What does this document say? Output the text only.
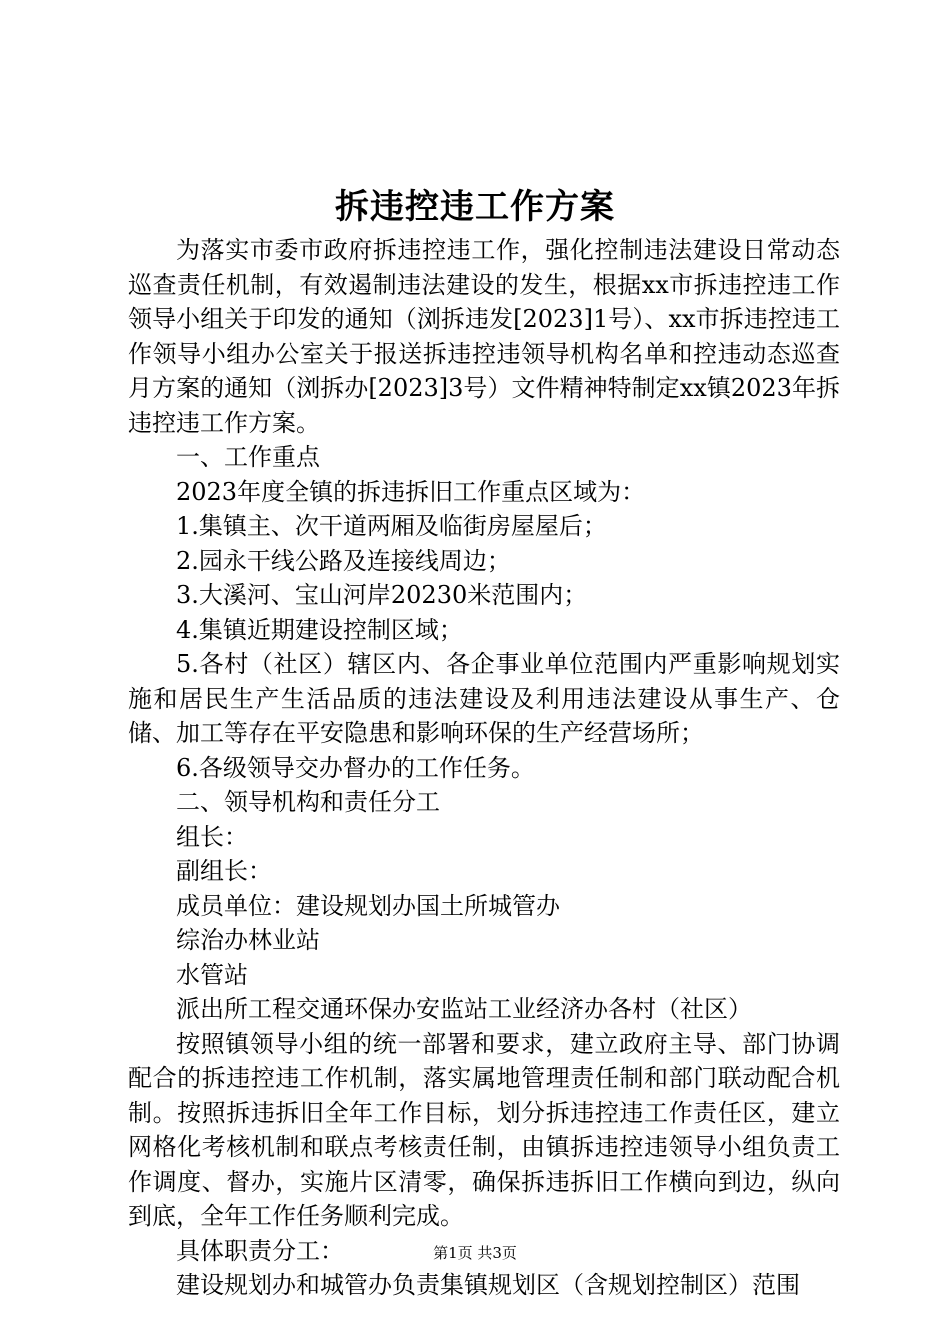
拆违控违工作方案

为落实市委市政府拆违控违工作，强化控制违法建设日常动态巡查责任机制，有效遏制违法建设的发生，根据xx市拆违控违工作领导小组关于印发的通知（浏拆违发[2023]1号）、xx市拆违控违工作领导小组办公室关于报送拆违控违领导机构名单和控违动态巡查月方案的通知（浏拆办[2023]3号）文件精神特制定xx镇2023年拆违控违工作方案。

一、工作重点

2023年度全镇的拆违拆旧工作重点区域为：

1.集镇主、次干道两厢及临街房屋屋后；

2.园永干线公路及连接线周边；

3.大溪河、宝山河岸20230米范围内；

4.集镇近期建设控制区域；

5.各村（社区）辖区内、各企事业单位范围内严重影响规划实施和居民生产生活品质的违法建设及利用违法建设从事生产、仓储、加工等存在平安隐患和影响环保的生产经营场所；

6.各级领导交办督办的工作任务。

二、领导机构和责任分工

组长：

副组长：

成员单位：建设规划办国土所城管办

综治办林业站

水管站

派出所工程交通环保办安监站工业经济办各村（社区）

按照镇领导小组的统一部署和要求，建立政府主导、部门协调配合的拆违控违工作机制，落实属地管理责任制和部门联动配合机制。按照拆违拆旧全年工作目标，划分拆违控违工作责任区，建立网格化考核机制和联点考核责任制，由镇拆违控违领导小组负责工作调度、督办，实施片区清零，确保拆违拆旧工作横向到边，纵向到底，全年工作任务顺利完成。

具体职责分工：

建设规划办和城管办负责集镇规划区（含规划控制区）范围

第1页 共3页
